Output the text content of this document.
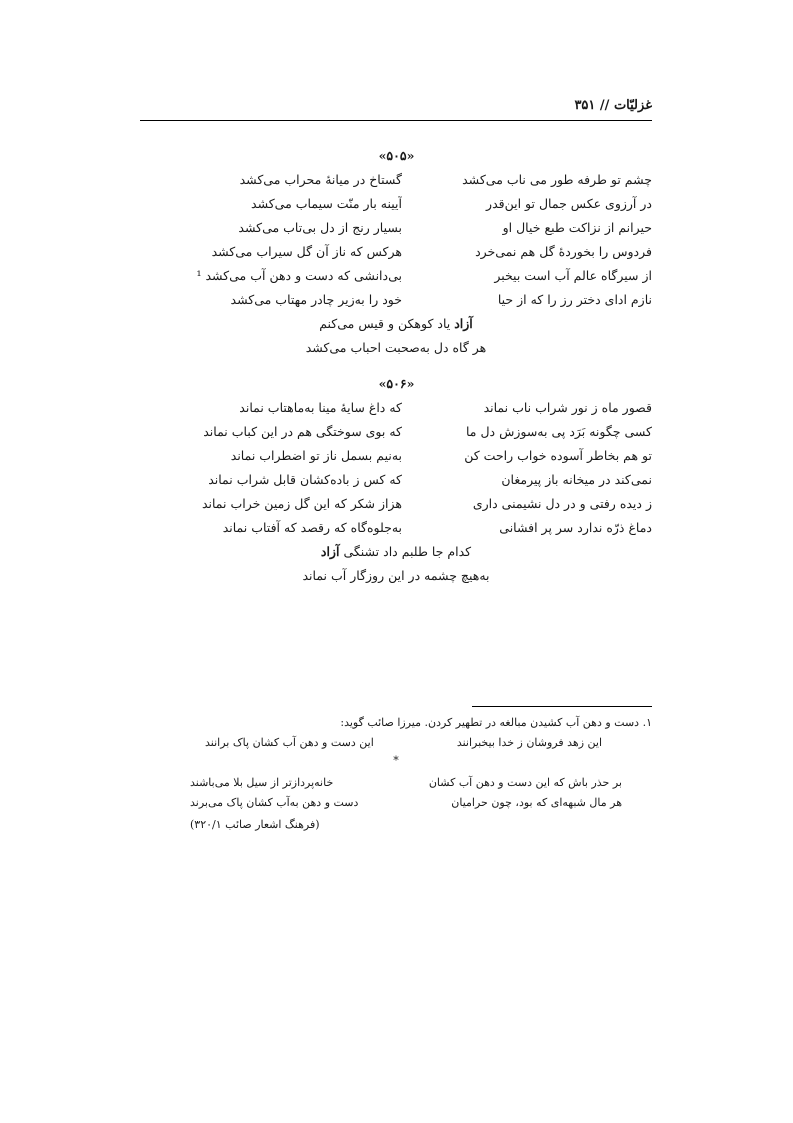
غزلیّات // ۳۵۱
«۵۰۵»
چشم تو طرفه طور می ناب می‌کشد
گستاخ در میانهٔ محراب می‌کشد
در آرزوی عکس جمال تو این‌قدر
آیینه بار منّت سیماب می‌کشد
حیرانم از نزاکت طبع خیال او
بسیار رنج از دل بی‌تاب می‌کشد
فردوس را بخوردهٔ گل هم نمی‌خرد
هرکس که ناز آن گل سیراب می‌کشد
از سیرگاه عالم آب است بیخبر
بی‌دانشی که دست و دهن آب می‌کشد ¹
نازم ادای دختر رز را که از حیا
خود را به‌زیر چادر مهتاب می‌کشد
آزاد یاد کوهکن و قیس می‌کنم
هر گاه دل به‌صحبت احباب می‌کشد
«۵۰۶»
قصور ماه ز نور شراب ناب نماند
که داغ سایهٔ مینا به‌ماهتاب نماند
کسی چگونه بَرَد پی به‌سوزش دل ما
که بوی سوختگی هم در این کباب نماند
تو هم بخاطر آسوده خواب راحت کن
به‌نیم بسمل ناز تو اضطراب نماند
نمی‌کند در میخانه باز پیرمغان
که کس ز باده‌کشان قابل شراب نماند
ز دیده رفتی و در دل نشیمنی داری
هزاز شکر که این گل زمین خراب نماند
دماغ ذرّه ندارد سر پر افشانی
به‌جلوه‌گاه که رقصد که آفتاب نماند
کدام جا طلبم داد تشنگی آزاد
به‌هیچ چشمه در این روزگار آب نماند
۱. دست و دهن آب کشیدن مبالغه در تطهیر کردن. میرزا صائب گوید:
این زهد فروشان ز خدا بیخبرانند
این دست و دهن آب کشان پاک برانند
*
بر حذر باش که این دست و دهن آب کشان
خانه‌پردازتر از سیل بلا می‌باشند
هر مال شبهه‌ای که بود، چون حرامیان
دست و دهن به‌آب کشان پاک می‌برند
(فرهنگ اشعار صائب ۳۲۰/۱)
